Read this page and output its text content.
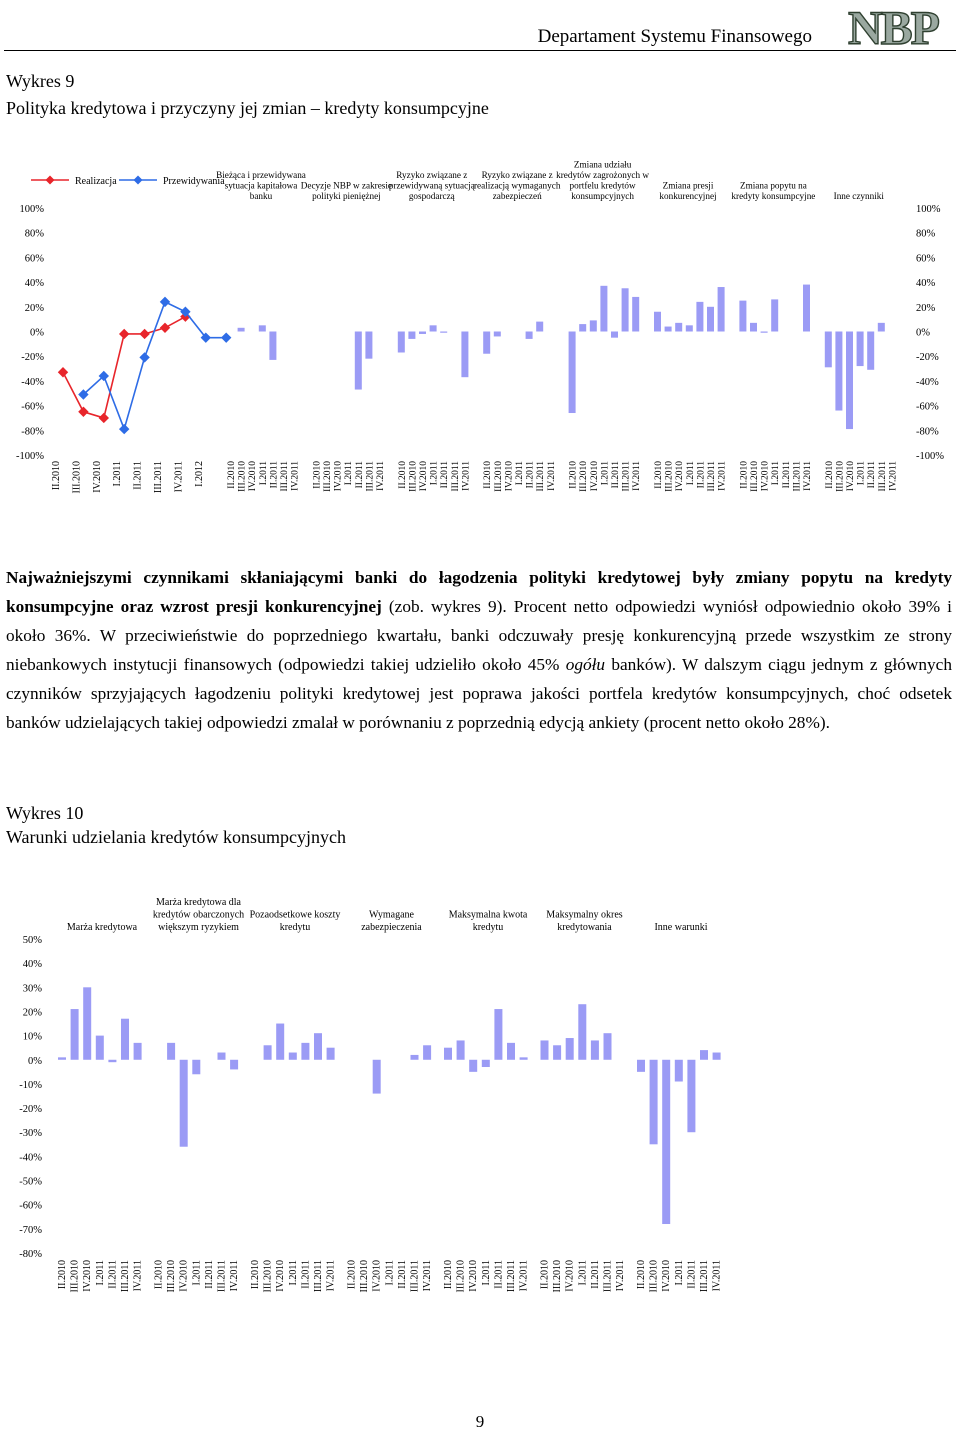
Departament Systemu Finansowego NBP
Wykres 9
Polityka kredytowa i przyczyny jej zmian – kredyty konsumpcyjne
100%	100%
80%	80%
60%	60%
40%	40%
20%	20%
0%	0%
-20%	-20%
-40%	-40%
-60%	-60%
-80%	-80%
-100%	-100%
II.2010 III.2010 IV.2010 I.2011 II.2011 III.2011 IV.2011 I.2012
Realizacja	Przewidywania
Bieżąca i przewidywana sytuacja kapitałowa banku
II.2010 III.2010 IV.2010 I.2011 II.2011 III.2011 IV.2011
Decyzje NBP w zakresie polityki pieniężnej
II.2010 III.2010 IV.2010 I.2011 II.2011 III.2011 IV.2011
Ryzyko związane z przewidywaną sytuacją gospodarczą
II.2010 III.2010 IV.2010 I.2011 II.2011 III.2011 IV.2011
Ryzyko związane z realizacją wymaganych zabezpieczeń
II.2010 III.2010 IV.2010 I.2011 II.2011 III.2011 IV.2011
Zmiana udziału kredytów zagrożonych w portfelu kredytów konsumpcyjnych
II.2010 III.2010 IV.2010 I.2011 II.2011 III.2011 IV.2011
Zmiana presji konkurencyjnej
II.2010 III.2010 IV.2010 I.2011 II.2011 III.2011 IV.2011
Zmiana popytu na kredyty konsumpcyjne
II.2010 III.2010 IV.2010 I.2011 II.2011 III.2011 IV.2011
Inne czynniki
II.2010 III.2010 IV.2010 I.2011 II.2011 III.2011 IV.2011
Najważniejszymi czynnikami skłaniającymi banki do łagodzenia polityki kredytowej były zmiany popytu na kredyty konsumpcyjne oraz wzrost presji konkurencyjnej (zob. wykres 9). Procent netto odpowiedzi wyniósł odpowiednio około 39% i około 36%. W przeciwieństwie do poprzedniego kwartału, banki odczuwały presję konkurencyjną przede wszystkim ze strony niebankowych instytucji finansowych (odpowiedzi takiej udzieliło około 45% ogółu banków). W dalszym ciągu jednym z głównych czynników sprzyjających łagodzeniu polityki kredytowej jest poprawa jakości portfela kredytów konsumpcyjnych, choć odsetek banków udzielających takiej odpowiedzi zmalał w porównaniu z poprzednią edycją ankiety (procent netto około 28%).
Wykres 10
Warunki udzielania kredytów konsumpcyjnych
50%
40%
30%
20%
10%
0%
-10%
-20%
-30%
-40%
-50%
-60%
-70%
-80%
Marża kredytowa
II.2010 III.2010 IV.2010 I.2011 II.2011 III.2011 IV.2011
Marża kredytowa dla kredytów obarczonych większym ryzykiem
II.2010 III.2010 IV.2010 I.2011 II.2011 III.2011 IV.2011
Pozaodsetkowe koszty kredytu
II.2010 III.2010 IV.2010 I.2011 II.2011 III.2011 IV.2011
Wymagane zabezpieczenia
II.2010 III.2010 IV.2010 I.2011 II.2011 III.2011 IV.2011
Maksymalna kwota kredytu
II.2010 III.2010 IV.2010 I.2011 II.2011 III.2011 IV.2011
Maksymalny okres kredytowania
II.2010 III.2010 IV.2010 I.2011 II.2011 III.2011 IV.2011
Inne warunki
II.2010 III.2010 IV.2010 I.2011 II.2011 III.2011 IV.2011
9
